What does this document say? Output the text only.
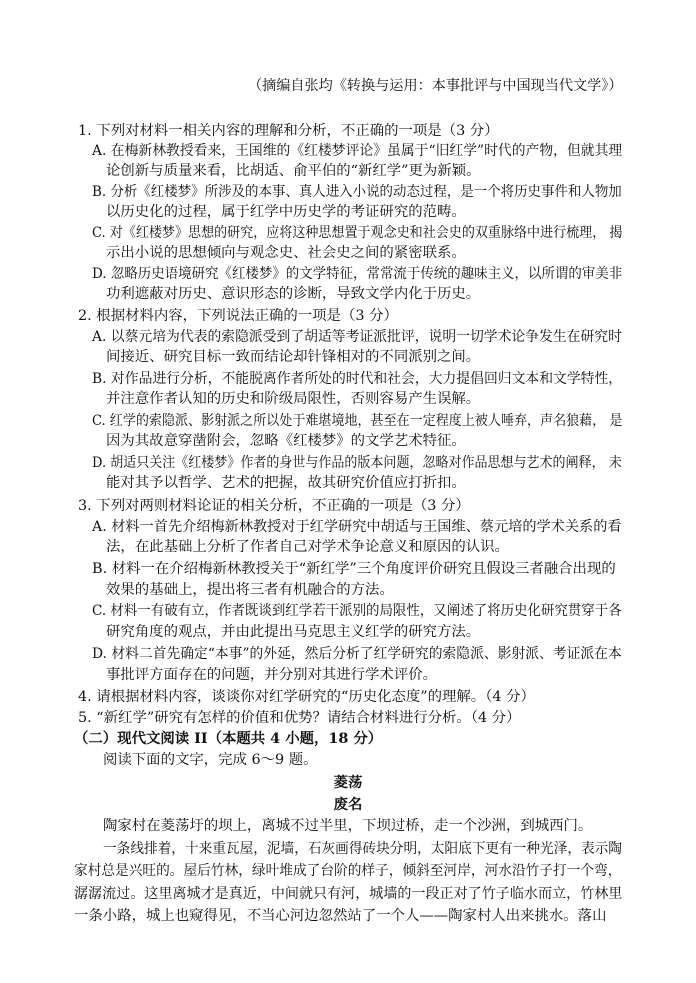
（摘编自张均《转换与运用：本事批评与中国现当代文学》）
1. 下列对材料一相关内容的理解和分析，不正确的一项是（3 分）
A. 在梅新林教授看来，王国维的《红楼梦评论》虽属于“旧红学”时代的产物，但就其理
论创新与质量来看，比胡适、俞平伯的“新红学”更为新颖。
B. 分析《红楼梦》所涉及的本事、真人进入小说的动态过程，是一个将历史事件和人物加
以历史化的过程，属于红学中历史学的考证研究的范畴。
C. 对《红楼梦》思想的研究，应将这种思想置于观念史和社会史的双重脉络中进行梳理， 揭
示出小说的思想倾向与观念史、社会史之间的紧密联系。
D. 忽略历史语境研究《红楼梦》的文学特征，常常流于传统的趣味主义，以所谓的审美非
功利遮蔽对历史、意识形态的诊断，导致文学内化于历史。
2. 根据材料内容，下列说法正确的一项是（3 分）
A. 以蔡元培为代表的索隐派受到了胡适等考证派批评，说明一切学术论争发生在研究时
间接近、研究目标一致而结论却针锋相对的不同派别之间。
B. 对作品进行分析，不能脱离作者所处的时代和社会，大力提倡回归文本和文学特性，
并注意作者认知的历史和阶级局限性，否则容易产生误解。
C. 红学的索隐派、影射派之所以处于难堪境地，甚至在一定程度上被人唾弃，声名狼藉， 是
因为其故意穿凿附会，忽略《红楼梦》的文学艺术特征。
D. 胡适只关注《红楼梦》作者的身世与作品的版本问题，忽略对作品思想与艺术的阐释， 未
能对其予以哲学、艺术的把握，故其研究价值应打折扣。
3. 下列对两则材料论证的相关分析，不正确的一项是（3 分）
A. 材料一首先介绍梅新林教授对于红学研究中胡适与王国维、蔡元培的学术关系的看
法，在此基础上分析了作者自己对学术争论意义和原因的认识。
B. 材料一在介绍梅新林教授关于“新红学”三个角度评价研究且假设三者融合出现的
效果的基础上，提出将三者有机融合的方法。
C. 材料一有破有立，作者既谈到红学若干派别的局限性，又阐述了将历史化研究贯穿于各
研究角度的观点，并由此提出马克思主义红学的研究方法。
D. 材料二首先确定“本事”的外延，然后分析了红学研究的索隐派、影射派、考证派在本
事批评方面存在的问题，并分别对其进行学术评价。
4. 请根据材料内容，谈谈你对红学研究的“历史化态度”的理解。（4 分）
5. “新红学”研究有怎样的价值和优势？请结合材料进行分析。（4 分）
（二）现代文阅读 II（本题共 4 小题，18 分）
阅读下面的文字，完成 6～9 题。
菱荡
废名
陶家村在菱荡圩的坝上，离城不过半里，下坝过桥，走一个沙洲，到城西门。
一条线排着，十来重瓦屋，泥墙，石灰画得砖块分明，太阳底下更有一种光泽，表示陶
家村总是兴旺的。屋后竹林，绿叶堆成了台阶的样子，倾斜至河岸，河水沿竹子打一个弯，
潺潺流过。这里离城才是真近，中间就只有河，城墙的一段正对了竹子临水而立，竹林里
一条小路，城上也窥得见，不当心河边忽然站了一个人——陶家村人出来挑水。落山
